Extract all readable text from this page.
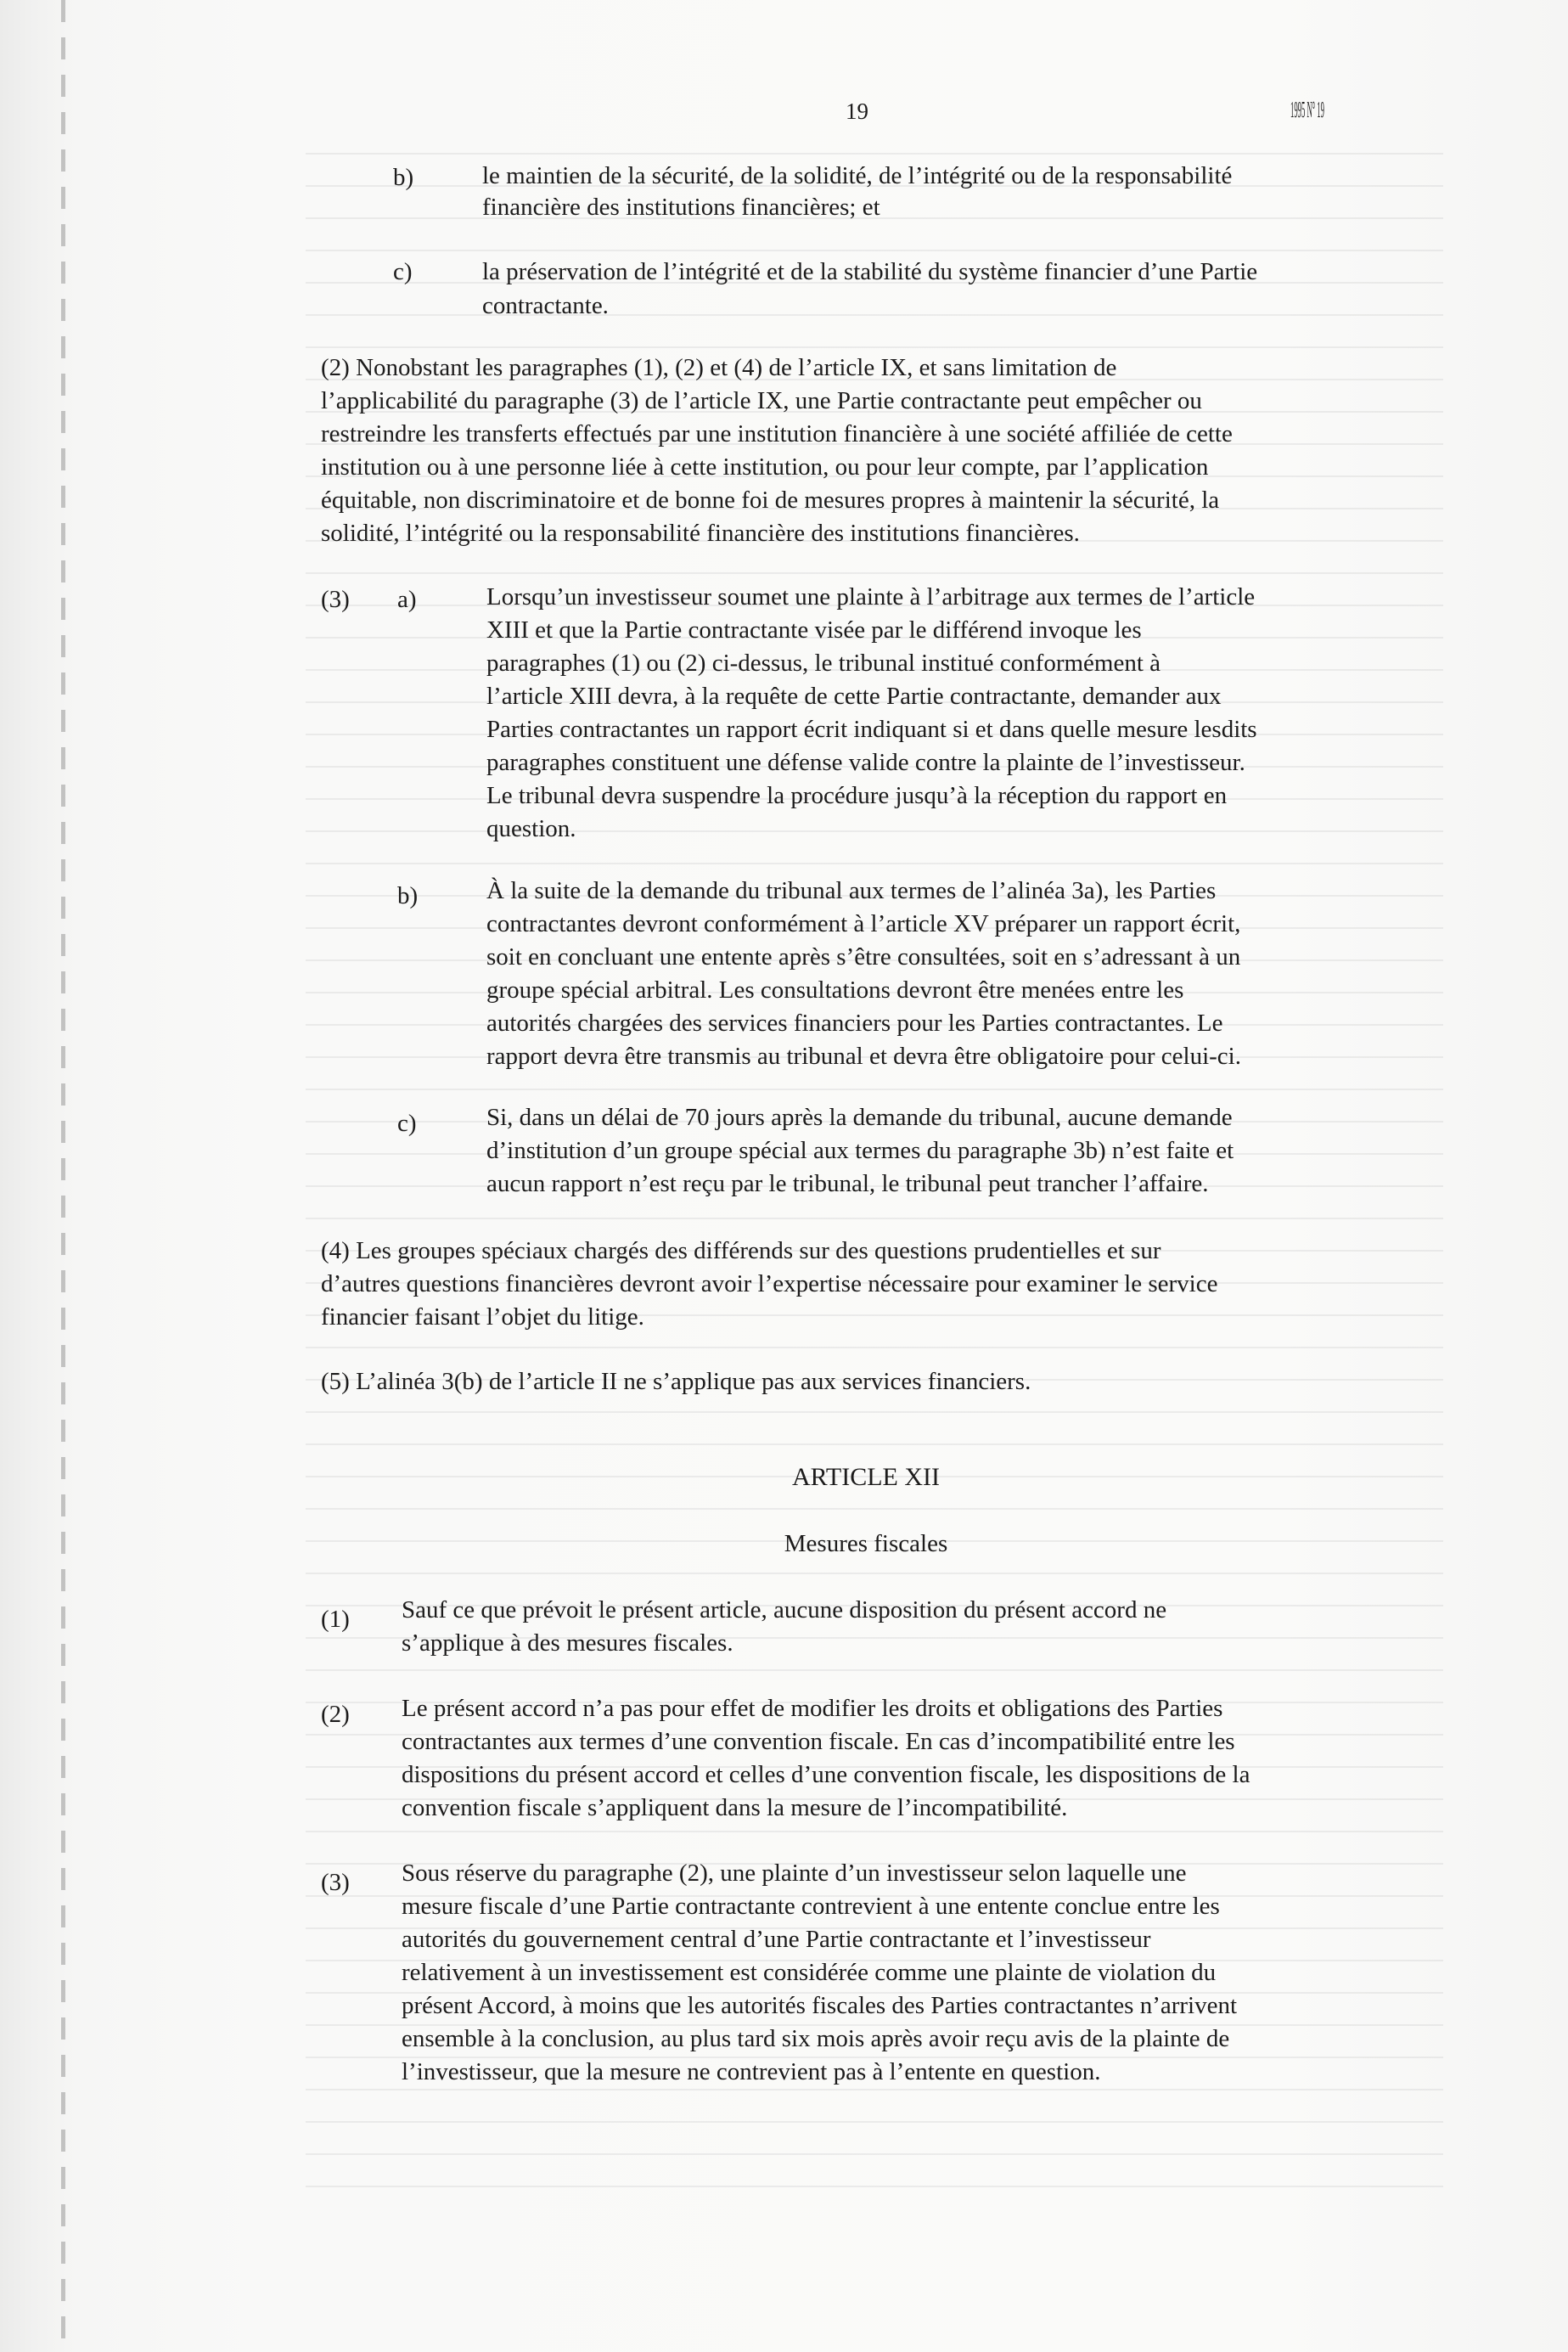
19	1995 N° 19
b)	le maintien de la sécurité, de la solidité, de l’intégrité ou de la responsabilité
financière des institutions financières; et
c)	la préservation de l’intégrité et de la stabilité du système financier d’une Partie
contractante.
(2) Nonobstant les paragraphes (1), (2) et (4) de l’article IX, et sans limitation de
l’applicabilité du paragraphe (3) de l’article IX, une Partie contractante peut empêcher ou
restreindre les transferts effectués par une institution financière à une société affiliée de cette
institution ou à une personne liée à cette institution, ou pour leur compte, par l’application
équitable, non discriminatoire et de bonne foi de mesures propres à maintenir la sécurité, la
solidité, l’intégrité ou la responsabilité financière des institutions financières.
(3) a)	Lorsqu’un investisseur soumet une plainte à l’arbitrage aux termes de l’article
XIII et que la Partie contractante visée par le différend invoque les
paragraphes (1) ou (2) ci-dessus, le tribunal institué conformément à
l’article XIII devra, à la requête de cette Partie contractante, demander aux
Parties contractantes un rapport écrit indiquant si et dans quelle mesure lesdits
paragraphes constituent une défense valide contre la plainte de l’investisseur.
Le tribunal devra suspendre la procédure jusqu’à la réception du rapport en
question.
b)	À la suite de la demande du tribunal aux termes de l’alinéa 3a), les Parties
contractantes devront conformément à l’article XV préparer un rapport écrit,
soit en concluant une entente après s’être consultées, soit en s’adressant à un
groupe spécial arbitral. Les consultations devront être menées entre les
autorités chargées des services financiers pour les Parties contractantes. Le
rapport devra être transmis au tribunal et devra être obligatoire pour celui-ci.
c)	Si, dans un délai de 70 jours après la demande du tribunal, aucune demande
d’institution d’un groupe spécial aux termes du paragraphe 3b) n’est faite et
aucun rapport n’est reçu par le tribunal, le tribunal peut trancher l’affaire.
(4) Les groupes spéciaux chargés des différends sur des questions prudentielles et sur
d’autres questions financières devront avoir l’expertise nécessaire pour examiner le service
financier faisant l’objet du litige.
(5) L’alinéa 3(b) de l’article II ne s’applique pas aux services financiers.
ARTICLE XII
Mesures fiscales
(1) Sauf ce que prévoit le présent article, aucune disposition du présent accord ne
s’applique à des mesures fiscales.
(2) Le présent accord n’a pas pour effet de modifier les droits et obligations des Parties
contractantes aux termes d’une convention fiscale. En cas d’incompatibilité entre les
dispositions du présent accord et celles d’une convention fiscale, les dispositions de la
convention fiscale s’appliquent dans la mesure de l’incompatibilité.
(3) Sous réserve du paragraphe (2), une plainte d’un investisseur selon laquelle une
mesure fiscale d’une Partie contractante contrevient à une entente conclue entre les
autorités du gouvernement central d’une Partie contractante et l’investisseur
relativement à un investissement est considérée comme une plainte de violation du
présent Accord, à moins que les autorités fiscales des Parties contractantes n’arrivent
ensemble à la conclusion, au plus tard six mois après avoir reçu avis de la plainte de
l’investisseur, que la mesure ne contrevient pas à l’entente en question.
